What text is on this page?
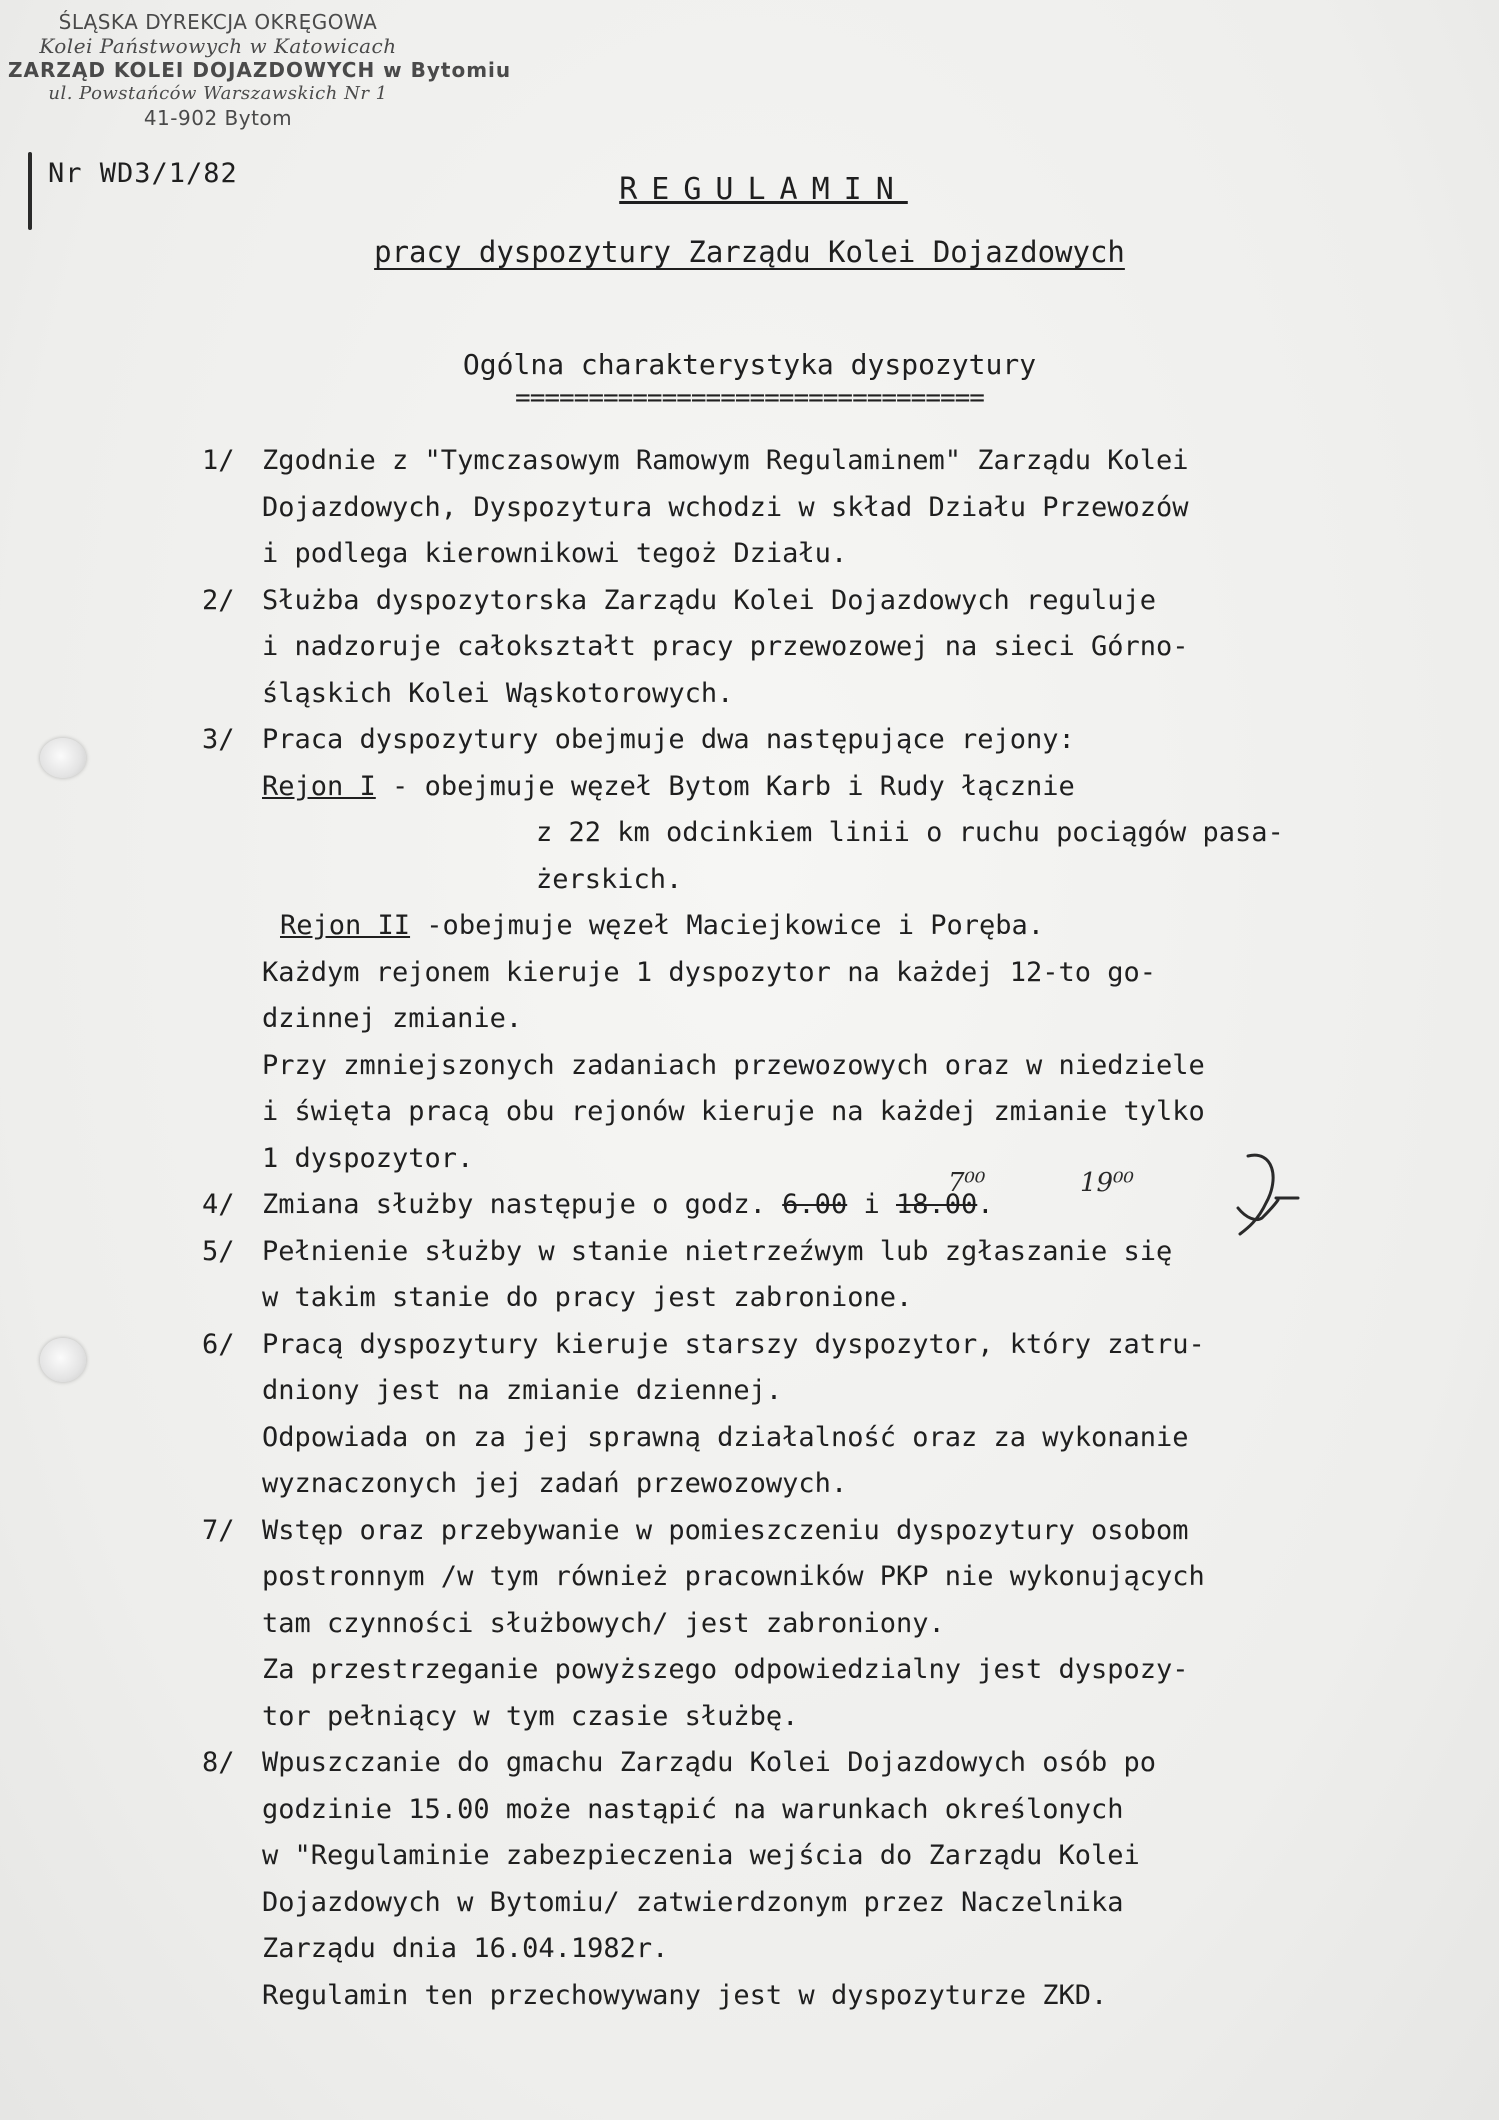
ŚLĄSKA DYREKCJA OKRĘGOWA
Kolei Państwowych w Katowicach
ZARZĄD KOLEI DOJAZDOWYCH w Bytomiu
ul. Powstańców Warszawskich Nr 1
41-902 Bytom
Nr WD3/1/82	REGULAMIN
pracy dyspozytury Zarządu Kolei Dojazdowych
Ogólna charakterystyka dyspozytury
================================
1/ Zgodnie z "Tymczasowym Ramowym Regulaminem" Zarządu Kolei
Dojazdowych, Dyspozytura wchodzi w skład Działu Przewozów
i podlega kierownikowi tegoż Działu.
2/ Służba dyspozytorska Zarządu Kolei Dojazdowych reguluje
i nadzoruje całokształt pracy przewozowej na sieci Górno-
śląskich Kolei Wąskotorowych.
3/ Praca dyspozytury obejmuje dwa następujące rejony:
Rejon I - obejmuje węzeł Bytom Karb i Rudy łącznie
z 22 km odcinkiem linii o ruchu pociągów pasa-
żerskich.
Rejon II -obejmuje węzeł Maciejkowice i Poręba.
Każdym rejonem kieruje 1 dyspozytor na każdej 12-to go-
dzinnej zmianie.
Przy zmniejszonych zadaniach przewozowych oraz w niedziele
i święta pracą obu rejonów kieruje na każdej zmianie tylko
1 dyspozytor.
4/ Zmiana służby następuje o godz. 6.00 i 18.00.
5/ Pełnienie służby w stanie nietrzeźwym lub zgłaszanie się
w takim stanie do pracy jest zabronione.
6/ Pracą dyspozytury kieruje starszy dyspozytor, który zatru-
dniony jest na zmianie dziennej.
Odpowiada on za jej sprawną działalność oraz za wykonanie
wyznaczonych jej zadań przewozowych.
7/ Wstęp oraz przebywanie w pomieszczeniu dyspozytury osobom
postronnym /w tym również pracowników PKP nie wykonujących
tam czynności służbowych/ jest zabroniony.
Za przestrzeganie powyższego odpowiedzialny jest dyspozy-
tor pełniący w tym czasie służbę.
8/ Wpuszczanie do gmachu Zarządu Kolei Dojazdowych osób po
godzinie 15.00 może nastąpić na warunkach określonych
w "Regulaminie zabezpieczenia wejścia do Zarządu Kolei
Dojazdowych w Bytomiu/ zatwierdzonym przez Naczelnika
Zarządu dnia 16.04.1982r.
Regulamin ten przechowywany jest w dyspozyturze ZKD.
7⁰⁰	19⁰⁰
